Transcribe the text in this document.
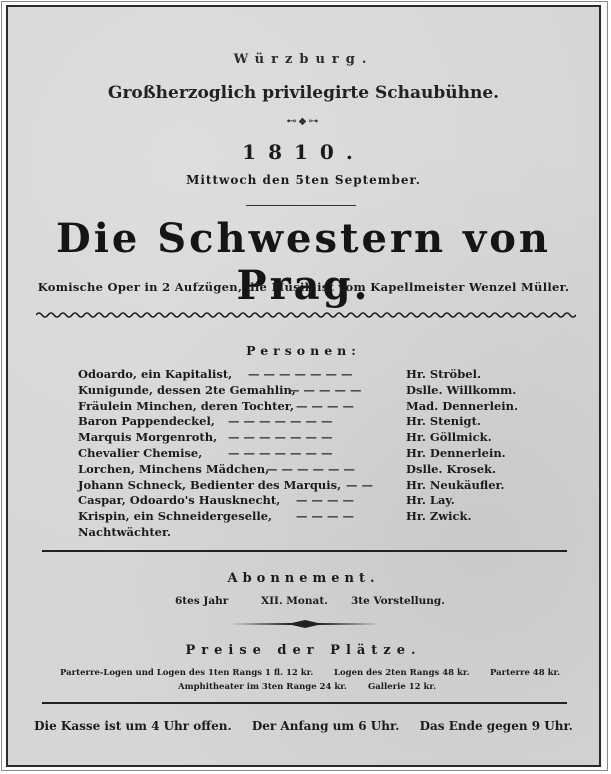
Würzburg.
Großherzoglich privilegirte Schaubühne.
⊷◆⊶
1810.
Mittwoch den 5ten September.
Die Schwestern von Prag.
Komische Oper in 2 Aufzügen, die Musik ist vom Kapellmeister Wenzel Müller.
Personen:
Odoardo, ein Kapitalist, — — — — — — —	Hr. Ströbel.
Kunigunde, dessen 2te Gemahlin,
— — — — —	Dslle. Willkomm.
Fräulein Minchen, deren Tochter, — — — —	Mad. Dennerlein.
Baron Pappendeckel, — — — — — — —	Hr. Stenigt.
Marquis Morgenroth, — — — — — — —	Hr. Göllmick.
Chevalier Chemise, — — — — — — —	Hr. Dennerlein.
Lorchen, Minchens Mädchen,
— — — — — —	Dslle. Krosek.
Johann Schneck, Bedienter des Marquis, — —	Hr. Neukäufler.
Caspar, Odoardo's Hausknecht, — — — —	Hr. Lay.
Krispin, ein Schneidergeselle, — — — —	Hr. Zwick.
Nachtwächter.
Abonnement.
6tes Jahr	XII. Monat. 3te Vorstellung.
Preise der Plätze.
Parterre-Logen und Logen des 1ten Rangs 1 fl. 12 kr. Logen des 2ten Rangs 48 kr. Parterre 48 kr.
Amphitheater im 3ten Range 24 kr. Gallerie 12 kr.
Die Kasse ist um 4 Uhr offen. Der Anfang um 6 Uhr. Das Ende gegen 9 Uhr.
